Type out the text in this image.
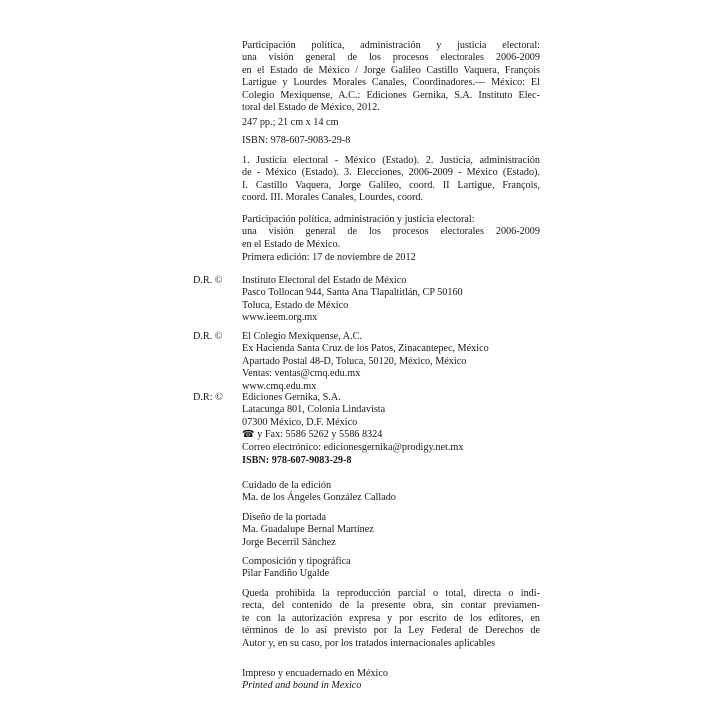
Participación política, administración y justicia electoral:
una visión general de los procesos electorales 2006-2009
en el Estado de México / Jorge Galileo Castillo Vaquera, François
Lartigue y Lourdes Morales Canales, Coordinadores.— México: El
Colegio Mexiquense, A.C.: Ediciones Gernika, S.A. Instituto Elec-
toral del Estado de México, 2012.
247 pp.; 21 cm x 14 cm
ISBN: 978-607-9083-29-8
1. Justicia electoral - México (Estado). 2. Justicia, administración
de - México (Estado). 3. Elecciones, 2006-2009 - México (Estado).
I. Castillo Vaquera, Jorge Galileo, coord. II Lartigue, François,
coord. III. Morales Canales, Lourdes, coord.
Participación política, administración y justicia electoral:
una visión general de los procesos electorales 2006-2009
en el Estado de México.
Primera edición: 17 de noviembre de 2012
D.R. ©	Instituto Electoral del Estado de México
Pasco Tollocan 944, Santa Ana Tlapaltitlán, CP 50160
Toluca, Estado de México
www.ieem.org.mx
D.R. ©	El Colegio Mexiquense, A.C.
Ex Hacienda Santa Cruz de los Patos, Zinacantepec, México
Apartado Postal 48-D, Toluca, 50120, México, México
Ventas: ventas@cmq.edu.mx
www.cmq.edu.mx
D.R: ©	Ediciones Gernika, S.A.
Latacunga 801, Colonia Lindavista
07300 México, D.F. México
☎ y Fax: 5586 5262 y 5586 8324
Correo electrónico: edicionesgernika@prodigy.net.mx
ISBN: 978-607-9083-29-8
Cuidado de la edición
Ma. de los Ángeles González Callado
Diseño de la portada
Ma. Guadalupe Bernal Martínez
Jorge Becerril Sánchez
Composición y tipográfica
Pilar Fandiño Ugalde
Queda prohibida la reproducción parcial o total, directa o indi-
recta, del contenido de la presente obra, sin contar previamen-
te con la autorización expresa y por escrito de los editores, en
términos de lo así previsto por la Ley Federal de Derechos de
Autor y, en su caso, por los tratados internacionales aplicables
Impreso y encuadernado en México
Printed and bound in Mexico
